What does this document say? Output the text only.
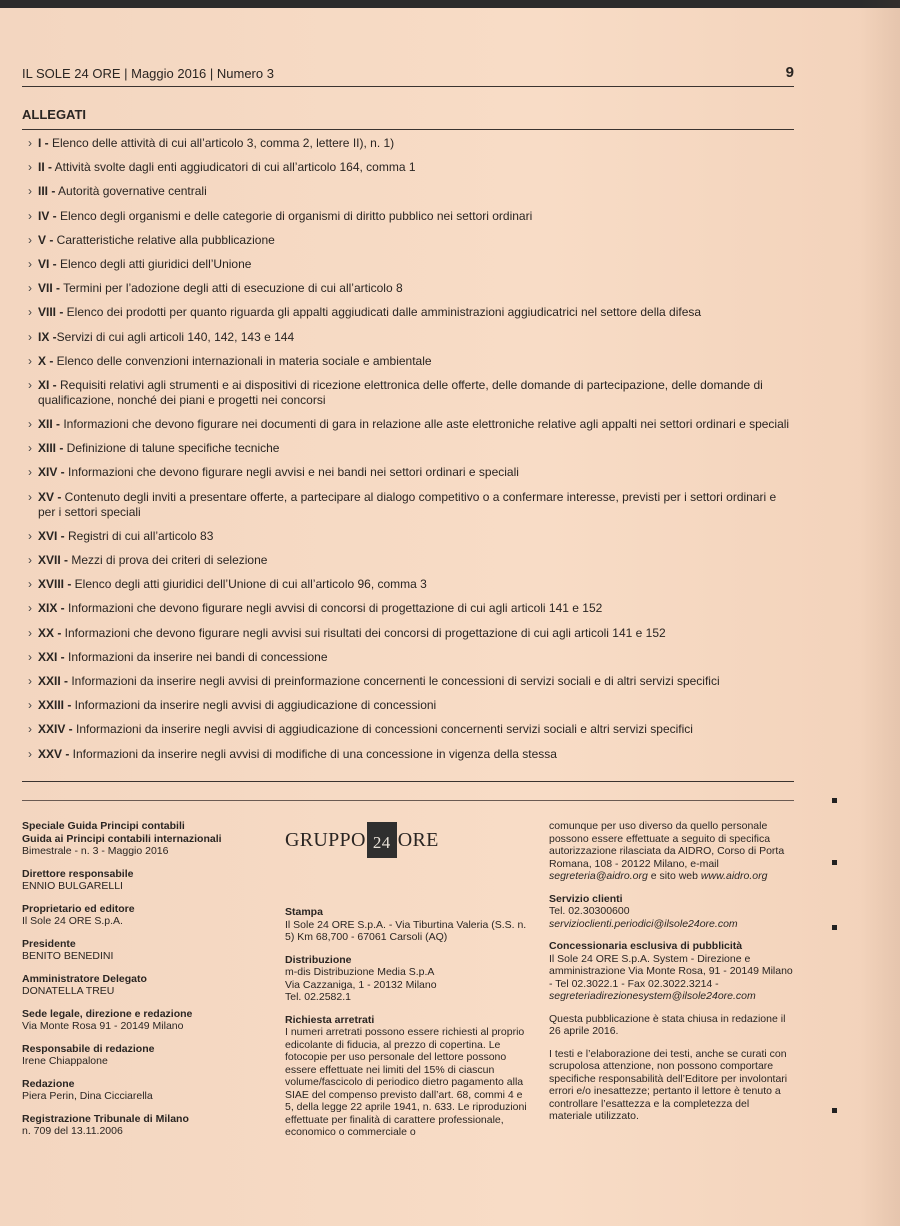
IL SOLE 24 ORE | Maggio 2016 | Numero 3	9
ALLEGATI
› I - Elenco delle attività di cui all’articolo 3, comma 2, lettere II), n. 1)
› II - Attività svolte dagli enti aggiudicatori di cui all’articolo 164, comma 1
› III - Autorità governative centrali
› IV - Elenco degli organismi e delle categorie di organismi di diritto pubblico nei settori ordinari
› V - Caratteristiche relative alla pubblicazione
› VI - Elenco degli atti giuridici dell’Unione
› VII - Termini per l’adozione degli atti di esecuzione di cui all’articolo 8
› VIII - Elenco dei prodotti per quanto riguarda gli appalti aggiudicati dalle amministrazioni aggiudicatrici nel settore della difesa
› IX -Servizi di cui agli articoli 140, 142, 143 e 144
› X - Elenco delle convenzioni internazionali in materia sociale e ambientale
› XI - Requisiti relativi agli strumenti e ai dispositivi di ricezione elettronica delle offerte, delle domande di partecipazione, delle domande di qualificazione, nonché dei piani e progetti nei concorsi
› XII - Informazioni che devono figurare nei documenti di gara in relazione alle aste elettroniche relative agli appalti nei settori ordinari e speciali
› XIII - Definizione di talune specifiche tecniche
› XIV - Informazioni che devono figurare negli avvisi e nei bandi nei settori ordinari e speciali
› XV - Contenuto degli inviti a presentare offerte, a partecipare al dialogo competitivo o a confermare interesse, previsti per i settori ordinari e per i settori speciali
› XVI - Registri di cui all’articolo 83
› XVII - Mezzi di prova dei criteri di selezione
› XVIII - Elenco degli atti giuridici dell’Unione di cui all’articolo 96, comma 3
› XIX - Informazioni che devono figurare negli avvisi di concorsi di progettazione di cui agli articoli 141 e 152
› XX - Informazioni che devono figurare negli avvisi sui risultati dei concorsi di progettazione di cui agli articoli 141 e 152
› XXI - Informazioni da inserire nei bandi di concessione
› XXII - Informazioni da inserire negli avvisi di preinformazione concernenti le concessioni di servizi sociali e di altri servizi specifici
› XXIII - Informazioni da inserire negli avvisi di aggiudicazione di concessioni
› XXIV - Informazioni da inserire negli avvisi di aggiudicazione di concessioni concernenti servizi sociali e altri servizi specifici
› XXV - Informazioni da inserire negli avvisi di modifiche di una concessione in vigenza della stessa
Speciale Guida Principi contabili
Guida ai Principi contabili internazionali
Bimestrale - n. 3 - Maggio 2016
Direttore responsabile
ENNIO BULGARELLI
Proprietario ed editore
Il Sole 24 ORE S.p.A.
Presidente
BENITO BENEDINI
Amministratore Delegato
DONATELLA TREU
Sede legale, direzione e redazione
Via Monte Rosa 91 - 20149 Milano
Responsabile di redazione
Irene Chiappalone
Redazione
Piera Perin, Dina Cicciarella
Registrazione Tribunale di Milano
n. 709 del 13.11.2006
GRUPPO 24 ORE
Stampa
Il Sole 24 ORE S.p.A. - Via Tiburtina Valeria (S.S. n. 5) Km 68,700 - 67061 Carsoli (AQ)
Distribuzione
m-dis Distribuzione Media S.p.A
Via Cazzaniga, 1 - 20132 Milano
Tel. 02.2582.1
Richiesta arretrati
I numeri arretrati possono essere richiesti al proprio edicolante di fiducia, al prezzo di copertina. Le fotocopie per uso personale del lettore possono essere effettuate nei limiti del 15% di ciascun volume/fascicolo di periodico dietro pagamento alla SIAE del compenso previsto dall’art. 68, commi 4 e 5, della legge 22 aprile 1941, n. 633. Le riproduzioni effettuate per finalità di carattere professionale, economico o commerciale o
comunque per uso diverso da quello personale possono essere effettuate a seguito di specifica autorizzazione rilasciata da AIDRO, Corso di Porta Romana, 108 - 20122 Milano, e-mail segreteria@aidro.org e sito web www.aidro.org
Servizio clienti
Tel. 02.30300600
servizioclienti.periodici@ilsole24ore.com
Concessionaria esclusiva di pubblicità
Il Sole 24 ORE S.p.A. System - Direzione e amministrazione Via Monte Rosa, 91 - 20149 Milano - Tel 02.3022.1 - Fax 02.3022.3214 -
segreteriadirezionesystem@ilsole24ore.com
Questa pubblicazione è stata chiusa in redazione il 26 aprile 2016.
I testi e l’elaborazione dei testi, anche se curati con scrupolosa attenzione, non possono comportare specifiche responsabilità dell’Editore per involontari errori e/o inesattezze; pertanto il lettore è tenuto a controllare l’esattezza e la completezza del materiale utilizzato.
